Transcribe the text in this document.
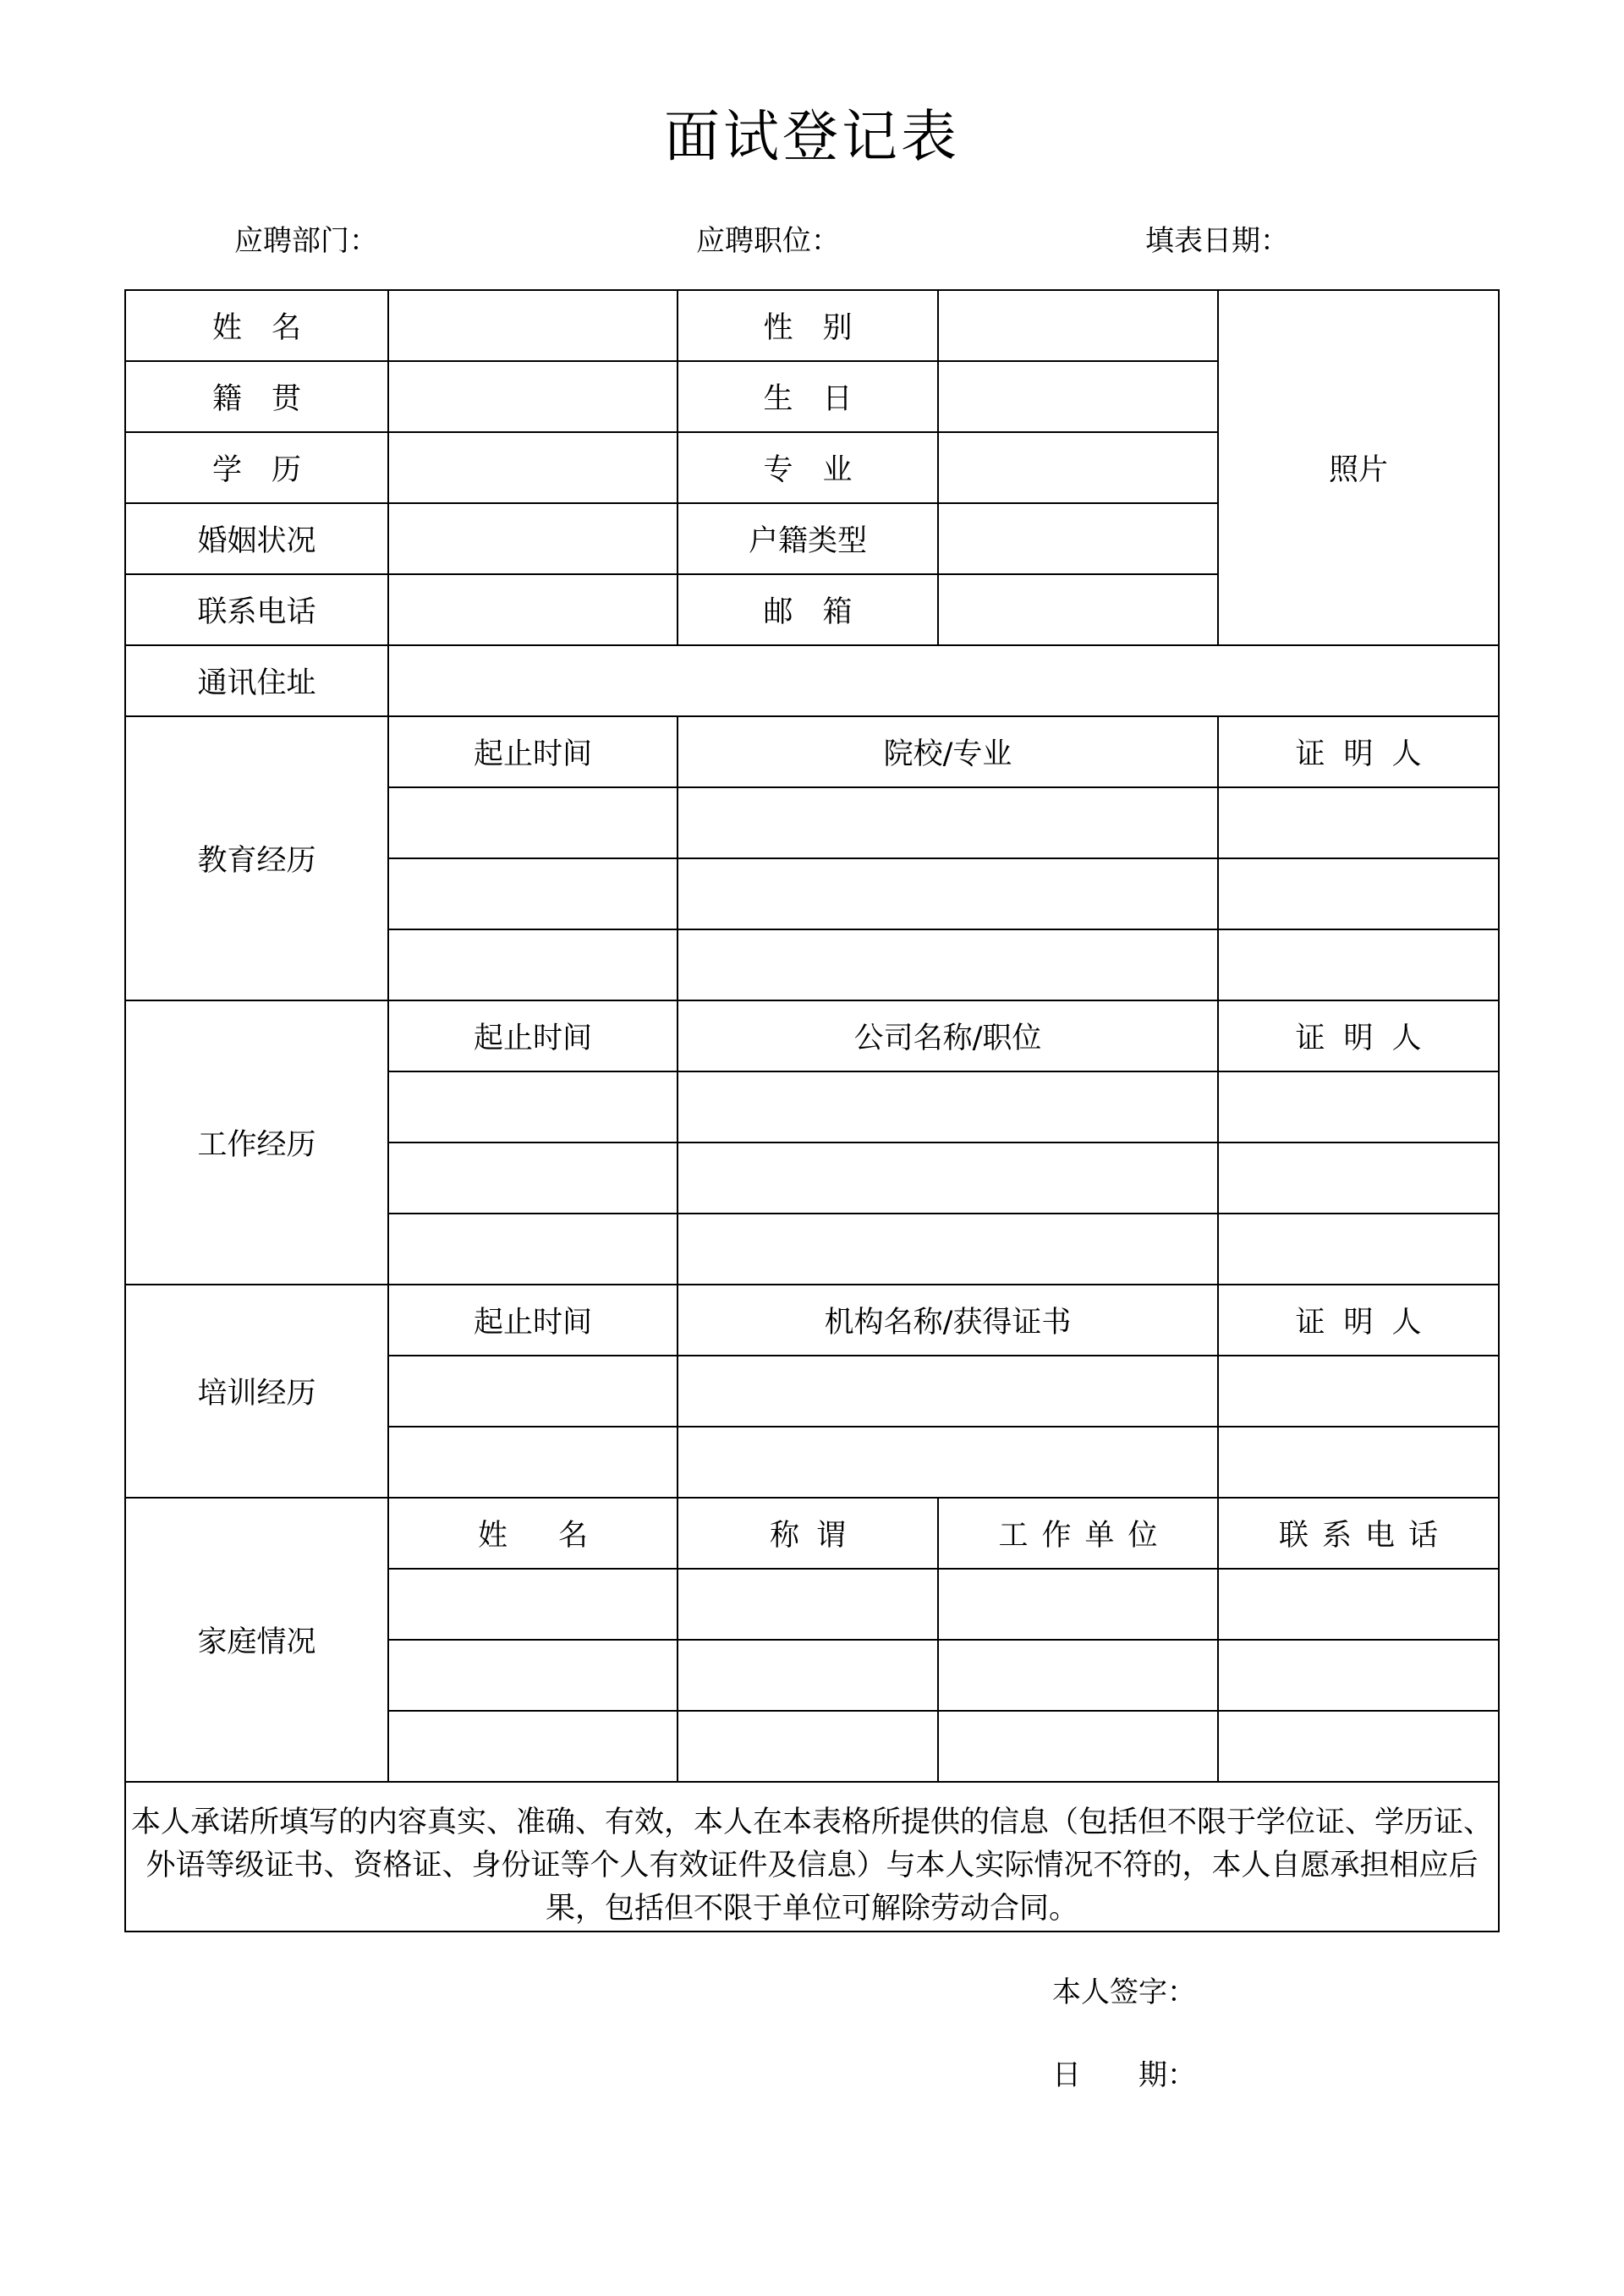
面试登记表
应聘部门：	应聘职位：	填表日期：
姓　名		性　别		照片
籍　贯		生　日		
学　历		专　业		
婚姻状况		户籍类型		
联系电话		邮　箱		
通讯住址				
教育经历	起止时间	院校/专业		证明人

工作经历	起止时间	公司名称/职位		证明人

培训经历	起止时间	机构名称/获得证书		证明人

家庭情况	姓名	称谓	工作单位	联系电话

本人承诺所填写的内容真实、准确、有效，本人在本表格所提供的信息（包括但不限于学位证、学历证、外语等级证书、资格证、身份证等个人有效证件及信息）与本人实际情况不符的，本人自愿承担相应后果，包括但不限于单位可解除劳动合同。
本人签字：
日　　期：				
